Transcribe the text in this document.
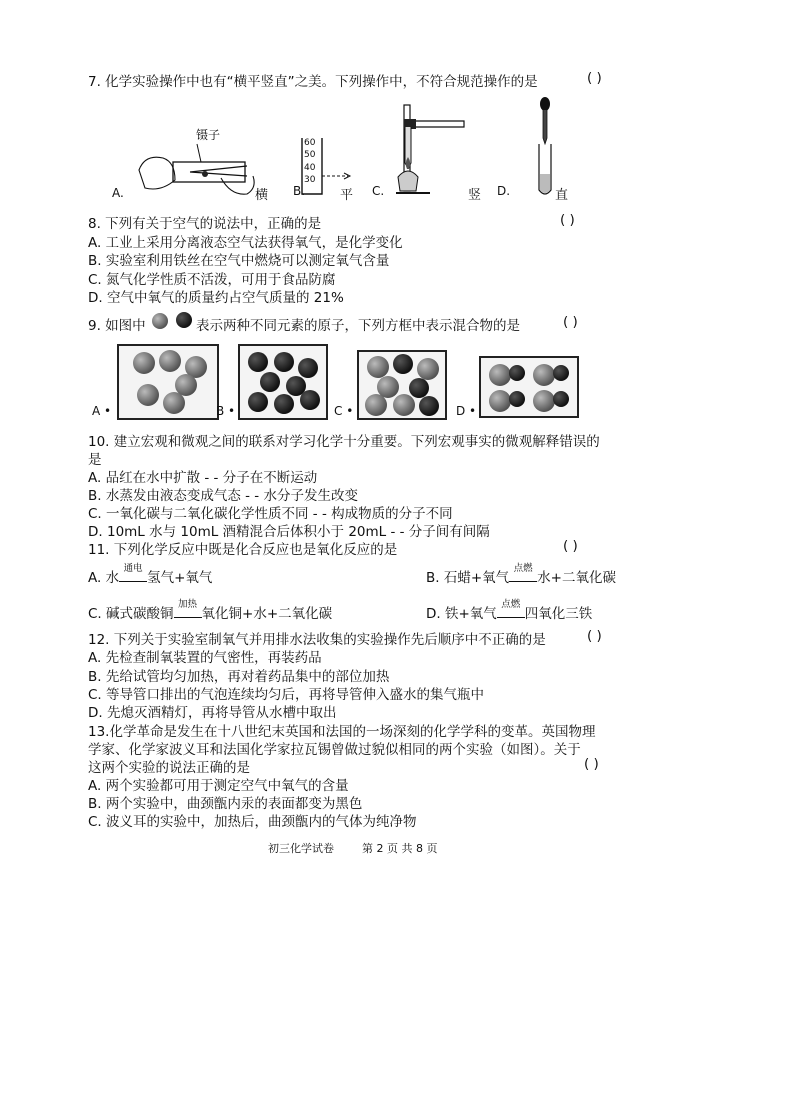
7. 化学实验操作中也有“横平竖直”之美。下列操作中，不符合规范操作的是	( )
A.
镊子
横 B.
60
50
40
30
平 C.	竖 D.	直
8. 下列有关于空气的说法中，正确的是	( )
A. 工业上采用分离液态空气法获得氧气，是化学变化
B. 实验室利用铁丝在空气中燃烧可以测定氧气含量
C. 氮气化学性质不活泼，可用于食品防腐
D. 空气中氧气的质量约占空气质量的 21%
9. 如图中	表示两种不同元素的原子，下列方框中表示混合物的是	( )
A •	B •	C •	D •
10. 建立宏观和微观之间的联系对学习化学十分重要。下列宏观事实的微观解释错误的
是
A. 品红在水中扩散 - - 分子在不断运动
B. 水蒸发由液态变成气态 - - 水分子发生改变
C. 一氧化碳与二氧化碳化学性质不同 - - 构成物质的分子不同
D. 10mL 水与 10mL 酒精混合后体积小于 20mL - - 分子间有间隔
11. 下列化学反应中既是化合反应也是氧化反应的是	( )
A. 水
通电
氢气+氧气	B. 石蜡+氧气
点燃
水+二氧化碳
C. 碱式碳酸铜
加热
氧化铜+水+二氧化碳	D. 铁+氧气
点燃
四氧化三铁
12. 下列关于实验室制氧气并用排水法收集的实验操作先后顺序中不正确的是	( )
A. 先检查制氧装置的气密性，再装药品
B. 先给试管均匀加热，再对着药品集中的部位加热
C. 等导管口排出的气泡连续均匀后，再将导管伸入盛水的集气瓶中
D. 先熄灭酒精灯，再将导管从水槽中取出
13.化学革命是发生在十八世纪末英国和法国的一场深刻的化学学科的变革。英国物理
学家、化学家波义耳和法国化学家拉瓦锡曾做过貌似相同的两个实验（如图）。关于
这两个实验的说法正确的是	( )
A. 两个实验都可用于测定空气中氧气的含量
B. 两个实验中，曲颈甑内汞的表面都变为黑色
C. 波义耳的实验中，加热后，曲颈甑内的气体为纯净物
初三化学试卷	第 2 页 共 8 页
